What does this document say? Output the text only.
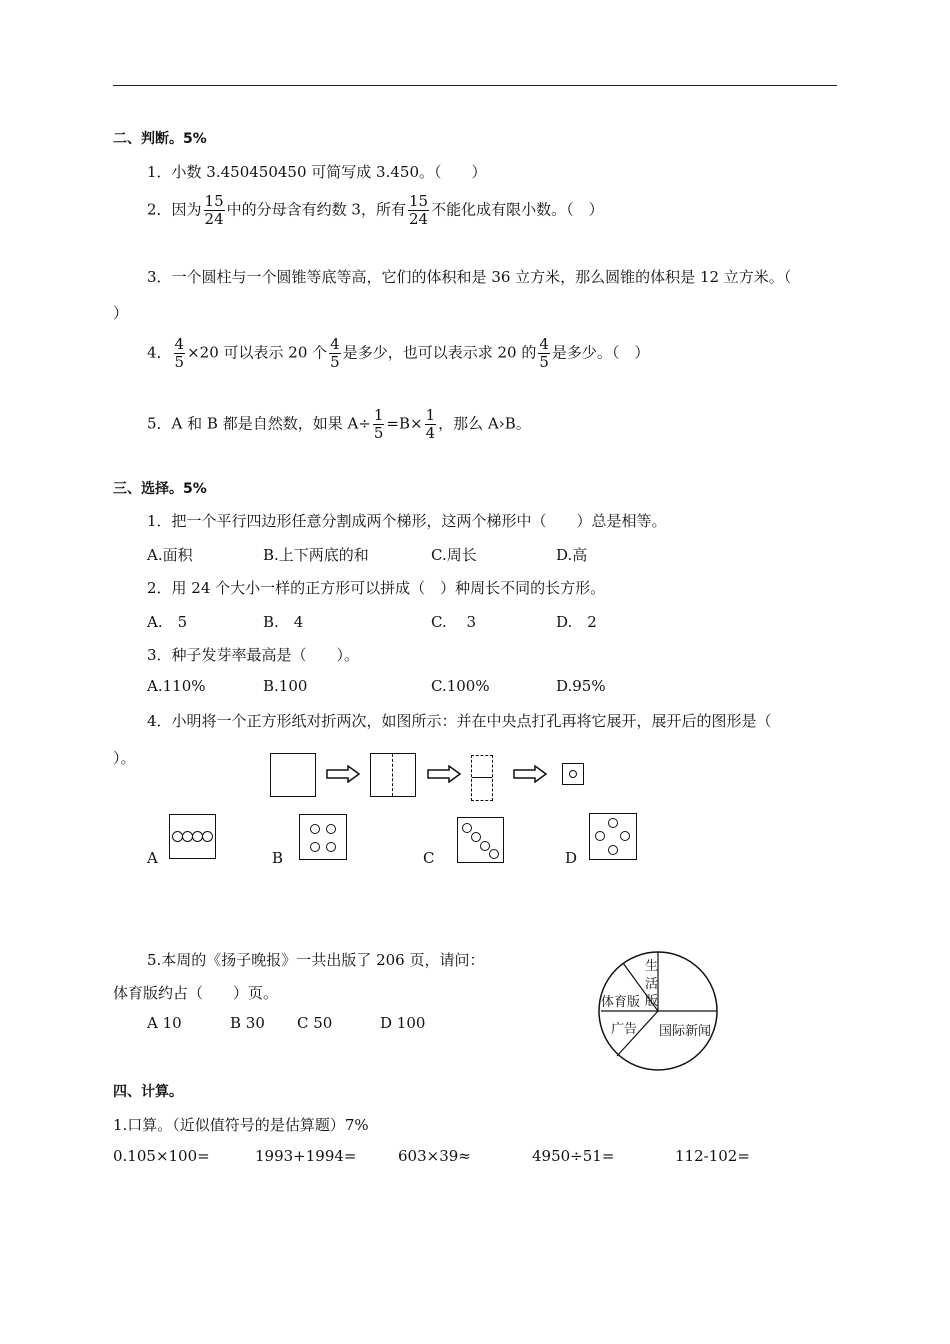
二、判断。5%
1．小数 3.450450450 可简写成 3.450。（　　）
2．因为 $\frac{15}{24}$ 中的分母含有约数 3，所有 $\frac{15}{24}$ 不能化成有限小数。（　）
3．一个圆柱与一个圆锥等底等高，它们的体积和是 36 立方米，那么圆锥的体积是 12 立方米。（
）
4． $\frac{4}{5} \times 20$ 可以表示 20 个 $\frac{4}{5}$ 是多少，也可以表示求 20 的 $\frac{4}{5}$ 是多少。（　）
5．A 和 B 都是自然数，如果 $A\div \frac{1}{5} =B\times \frac{1}{4}$ ，那么 A›B。
三、选择。5%
1．把一个平行四边形任意分割成两个梯形，这两个梯形中（　　）总是相等。
A.面积	B.上下两底的和	C.周长	D.高
2．用 24 个大小一样的正方形可以拼成（　）种周长不同的长方形。
A.　5	B.　4	C.　 3	D.　2
3．种子发芽率最高是（　　）。
A.110%	B.100	C.100%	D.95%
4．小明将一个正方形纸对折两次，如图所示：并在中央点打孔再将它展开，展开后的图形是（
）。
A	B	C	D
5.本周的《扬子晚报》一共出版了 206 页，请问：
体育版约占（　　）页。
A 10	B 30 C 50	D 100
生
活
版
体育版
广告 国际新闻
四、计算。
1.口算。（近似值符号的是估算题）7%
0.105×100=	1993+1994=	603×39≈	4950÷51=	112-102=
